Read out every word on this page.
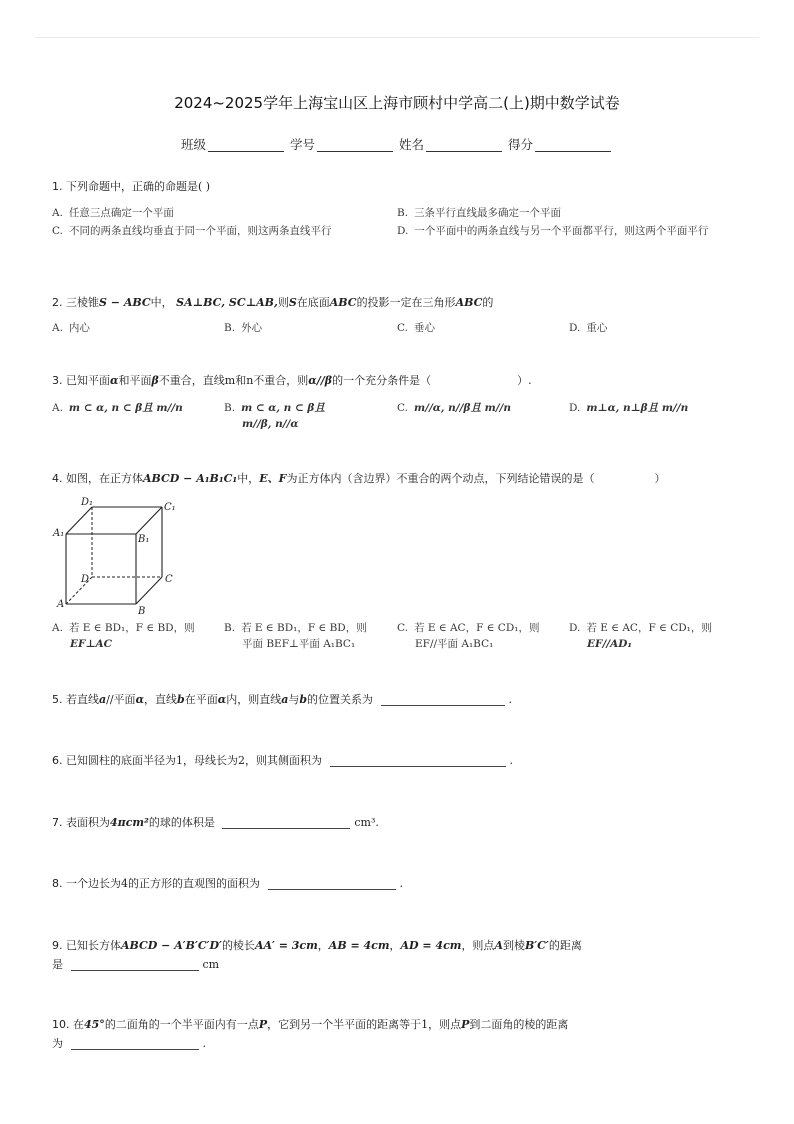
2024~2025学年上海宝山区上海市顾村中学高二(上)期中数学试卷
班级	学号	姓名	得分
1. 下列命题中，正确的命题是( )
A. 任意三点确定一个平面	B. 三条平行直线最多确定一个平面
C. 不同的两条直线均垂直于同一个平面，则这两条直线平行	D. 一个平面中的两条直线与另一个平面都平行，则这两个平面平行
2. 三棱锥S − ABC中， SA⊥BC, SC⊥AB,则S在底面ABC的投影一定在三角形ABC的
A. 内心	B. 外心	C. 垂心	D. 重心
3. 已知平面α和平面β不重合，直线m和n不重合，则α//β的一个充分条件是（	）.
A. m ⊂ α, n ⊂ β且 m//n	B. m ⊂ α, n ⊂ β且
m//β, n//α
C. m//α, n//β且 m//n	D. m⊥α, n⊥β且 m//n
4. 如图，在正方体ABCD − A₁B₁C₁中，E、F为正方体内（含边界）不重合的两个动点，下列结论错误的是（	）
D₁	C₁
A₁
B₁
D	C
A
B
A. 若 E ∈ BD₁，F ∈ BD，则
EF⊥AC
B. 若 E ∈ BD₁，F ∈ BD，则
平面 BEF⊥平面 A₁BC₁
C. 若 E ∈ AC，F ∈ CD₁，则
EF//平面 A₁BC₁
D. 若 E ∈ AC，F ∈ CD₁，则
EF//AD₁
5. 若直线a//平面α，直线b在平面α内，则直线a与b的位置关系为	.
6. 已知圆柱的底面半径为1，母线长为2，则其侧面积为	.
7. 表面积为4πcm²的球的体积是	cm³.
8. 一个边长为4的正方形的直观图的面积为	.
9. 已知长方体ABCD − A′B′C′D′的棱长AA′ = 3cm，AB = 4cm，AD = 4cm，则点A到棱B′C′的距离
是	cm
10. 在45°的二面角的一个半平面内有一点P，它到另一个半平面的距离等于1，则点P到二面角的棱的距离
为	.
